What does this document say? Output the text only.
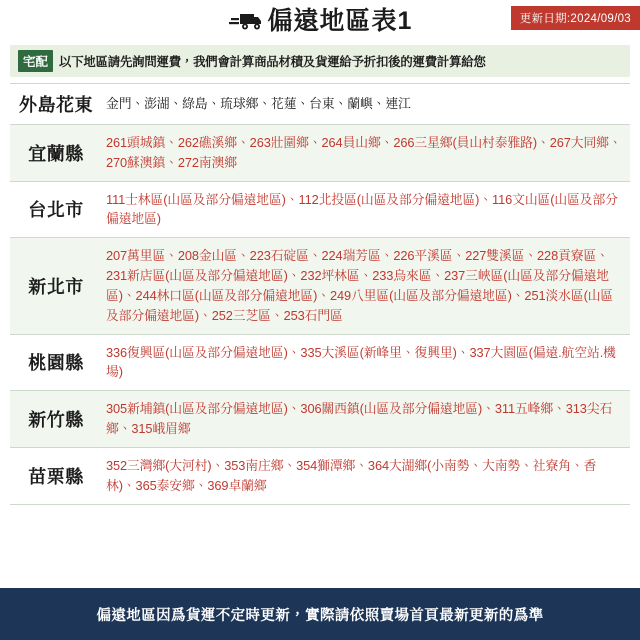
偏遠地區表1	更新日期:2024/09/03
宅配 以下地區請先詢問運費，我們會計算商品材積及貨運給予折扣後的運費計算給您
外島花東	金門、澎湖、綠島、琉球鄉、花蓮、台東、蘭嶼、連江
宜蘭縣
261頭城鎮、262礁溪鄉、263壯圍鄉、264員山鄉、266三星鄉(員山村泰雅路)、267大同鄉、270蘇澳鎮、272南澳鄉
台北市
111士林區(山區及部分偏遠地區)、112北投區(山區及部分偏遠地區)、116文山區(山區及部分偏遠地區)
新北市
207萬里區、208金山區、223石碇區、224瑞芳區、226平溪區、227雙溪區、228貢寮區、231新店區(山區及部分偏遠地區)、232坪林區、233烏來區、237三峽區(山區及部分偏遠地區)、244林口區(山區及部分偏遠地區)、249八里區(山區及部分偏遠地區)、251淡水區(山區及部分偏遠地區)、252三芝區、253石門區
桃園縣
336復興區(山區及部分偏遠地區)、335大溪區(新峰里、復興里)、337大園區(偏遠.航空站.機場)
新竹縣
305新埔鎮(山區及部分偏遠地區)、306關西鎮(山區及部分偏遠地區)、311五峰鄉、313尖石鄉、315峨眉鄉
苗栗縣
352三灣鄉(大河村)、353南庄鄉、354獅潭鄉、364大湖鄉(小南勢、大南勢、社寮角、香林)、365泰安鄉、369卓蘭鄉
偏遠地區因爲貨運不定時更新，實際請依照賣場首頁最新更新的爲準
